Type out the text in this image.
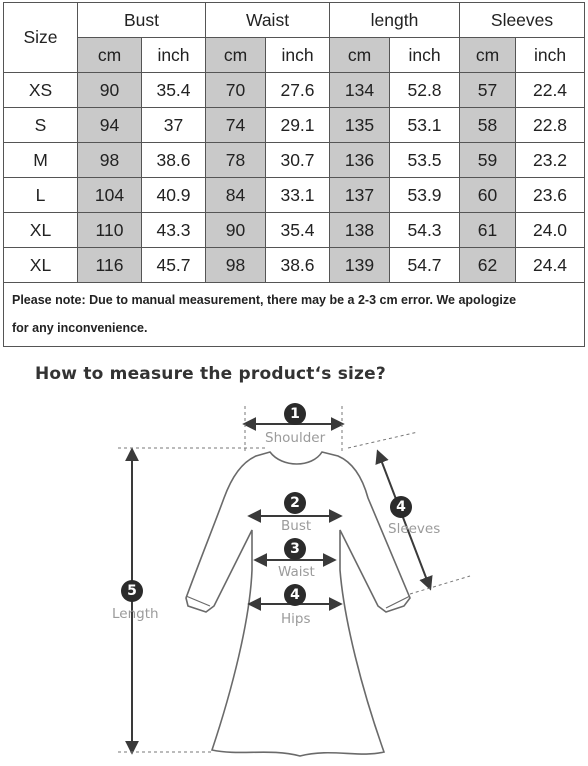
Size	Bust		Waist		length		Sleeves	
	cm	inch	cm	inch	cm	inch	cm	inch
XS	90	35.4	70	27.6	134	52.8	57	22.4
S	94	37	74	29.1	135	53.1	58	22.8
M	98	38.6	78	30.7	136	53.5	59	23.2
L	104	40.9	84	33.1	137	53.9	60	23.6
XL	110	43.3	90	35.4	138	54.3	61	24.0
XL	116	45.7	98	38.6	139	54.7	62	24.4

Please note: Due to manual measurement, there may be a 2-3 cm error. We apologize
for any inconvenience.								
How to measure the product‘s size?
1
Shoulder
2
Bust
3
Waist
4
Hips
4
Sleeves
5
Length
